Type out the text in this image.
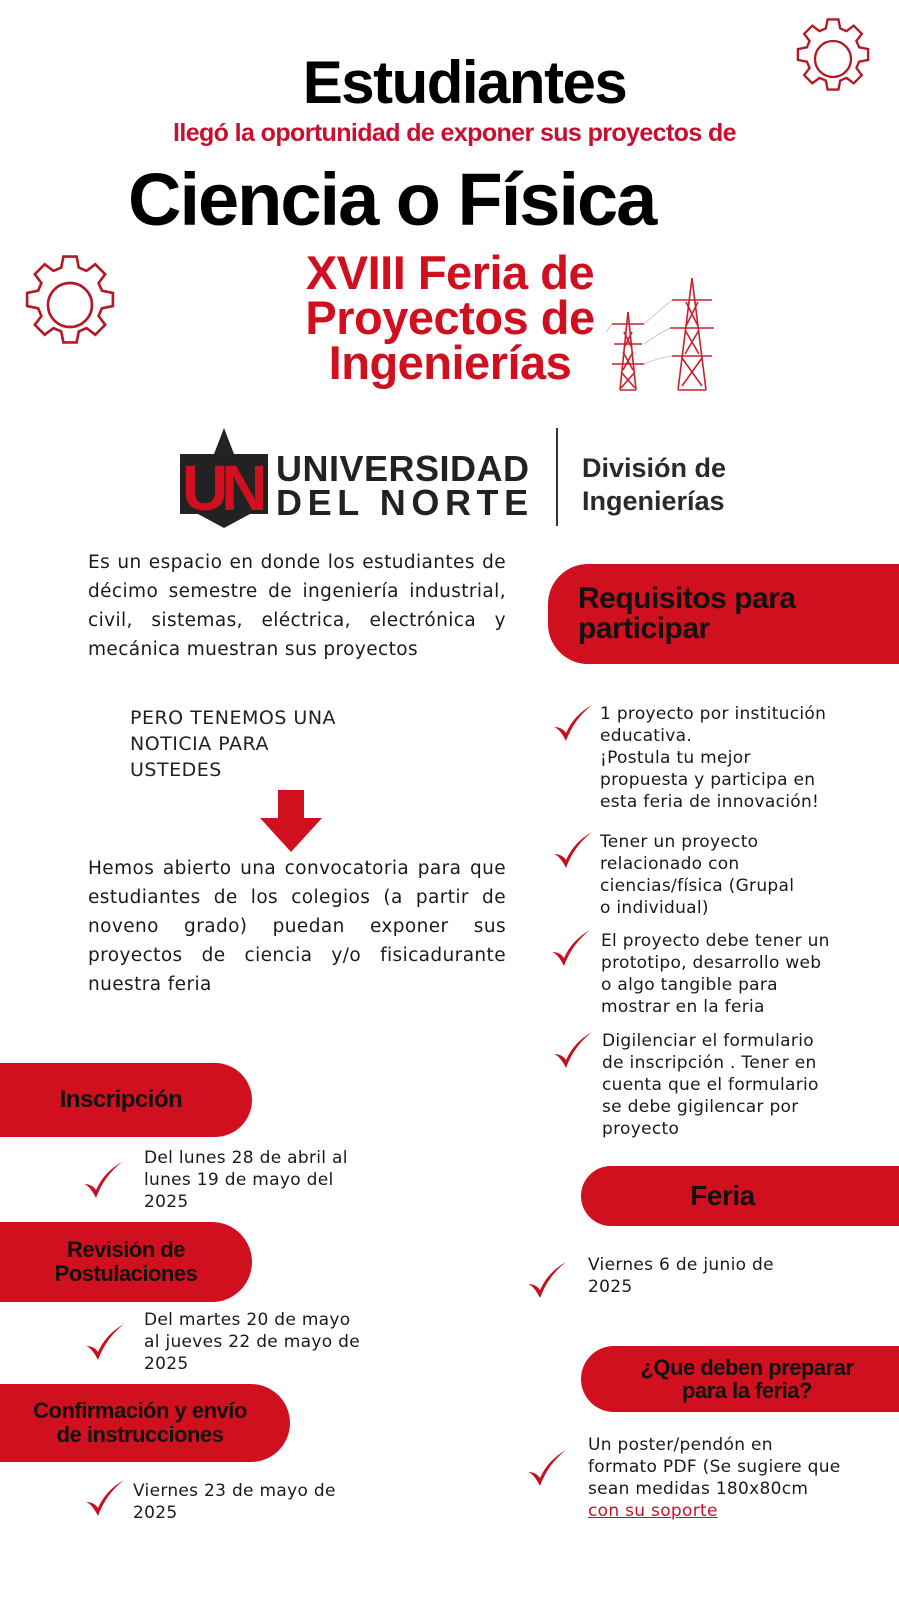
Estudiantes
llegó la oportunidad de exponer sus proyectos de
Ciencia o Física
XVIII Feria de
Proyectos de
Ingenierías
UN UNIVERSIDAD
DEL NORTE
División de
Ingenierías
Es un espacio en donde los estudiantes de décimo semestre de ingeniería industrial, civil, sistemas, eléctrica, electrónica y mecánica muestran sus proyectos
PERO TENEMOS UNA
NOTICIA PARA
USTEDES
Hemos abierto una convocatoria para que estudiantes de los colegios (a partir de noveno grado) puedan exponer sus proyectos de ciencia y/o fisicadurante nuestra feria
Requisitos para
participar
1 proyecto por institución
educativa.
¡Postula tu mejor
propuesta y participa en
esta feria de innovación!
Tener un proyecto
relacionado con
ciencias/física (Grupal
o individual)
El proyecto debe tener un
prototipo, desarrollo web
o algo tangible para
mostrar en la feria
Digilenciar el formulario
de inscripción . Tener en
cuenta que el formulario
se debe gigilencar por
proyecto
Inscripción
Del lunes 28 de abril al
lunes 19 de mayo del
2025
Revisión de
Postulaciones
Del martes 20 de mayo
al jueves 22 de mayo de
2025
Confirmación y envío
de instrucciones
Viernes 23 de mayo de
2025
Feria
Viernes 6 de junio de
2025
¿Que deben preparar
para la feria?
Un poster/pendón en
formato PDF (Se sugiere que
sean medidas 180x80cm
con su soporte
